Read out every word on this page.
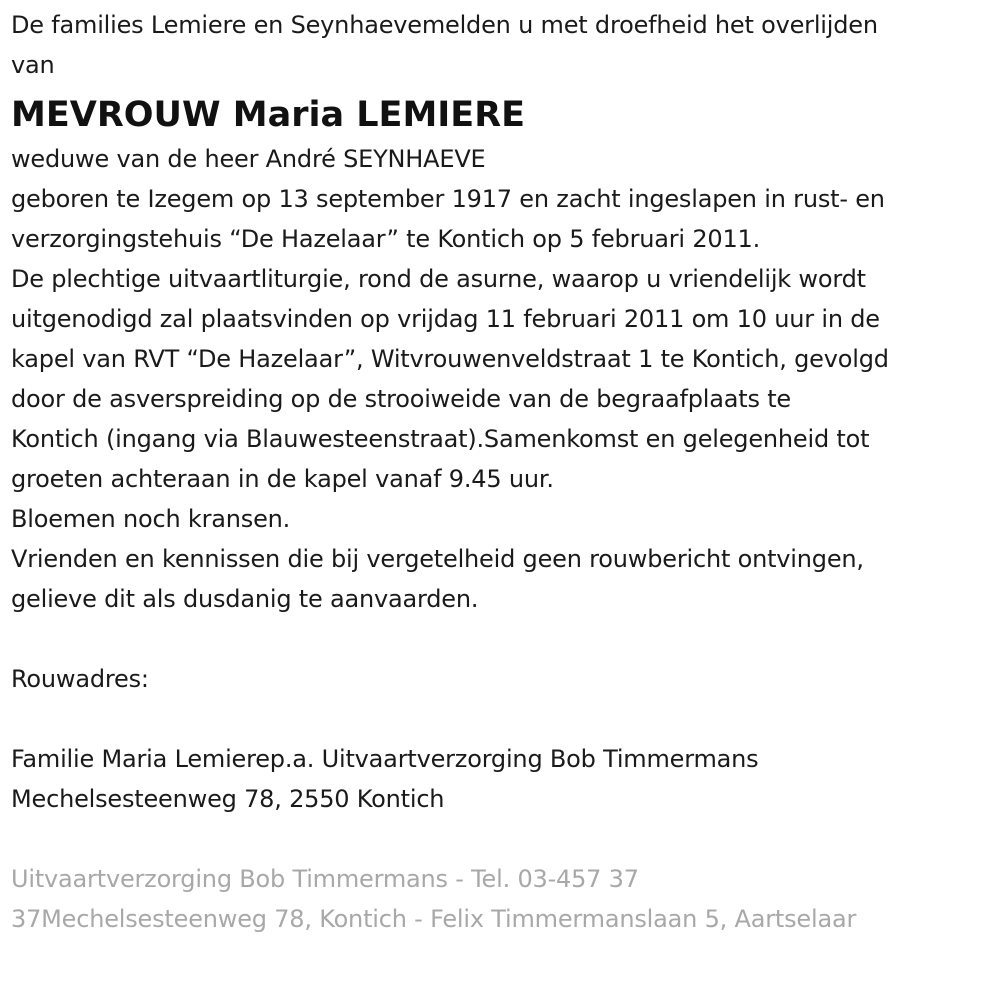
De families Lemiere en Seynhaevemelden u met droefheid het overlijden
van
MEVROUW Maria LEMIERE
weduwe van de heer André SEYNHAEVE
geboren te Izegem op 13 september 1917 en zacht ingeslapen in rust- en
verzorgingstehuis “De Hazelaar” te Kontich op 5 februari 2011.
De plechtige uitvaartliturgie, rond de asurne, waarop u vriendelijk wordt
uitgenodigd zal plaatsvinden op vrijdag 11 februari 2011 om 10 uur in de
kapel van RVT “De Hazelaar”, Witvrouwenveldstraat 1 te Kontich, gevolgd
door de asverspreiding op de strooiweide van de begraafplaats te
Kontich (ingang via Blauwesteenstraat).Samenkomst en gelegenheid tot
groeten achteraan in de kapel vanaf 9.45 uur.
Bloemen noch kransen.
Vrienden en kennissen die bij vergetelheid geen rouwbericht ontvingen,
gelieve dit als dusdanig te aanvaarden.
Rouwadres:
Familie Maria Lemierep.a. Uitvaartverzorging Bob Timmermans
Mechelsesteenweg 78, 2550 Kontich
Uitvaartverzorging Bob Timmermans - Tel. 03-457 37
37Mechelsesteenweg 78, Kontich - Felix Timmermanslaan 5, Aartselaar
